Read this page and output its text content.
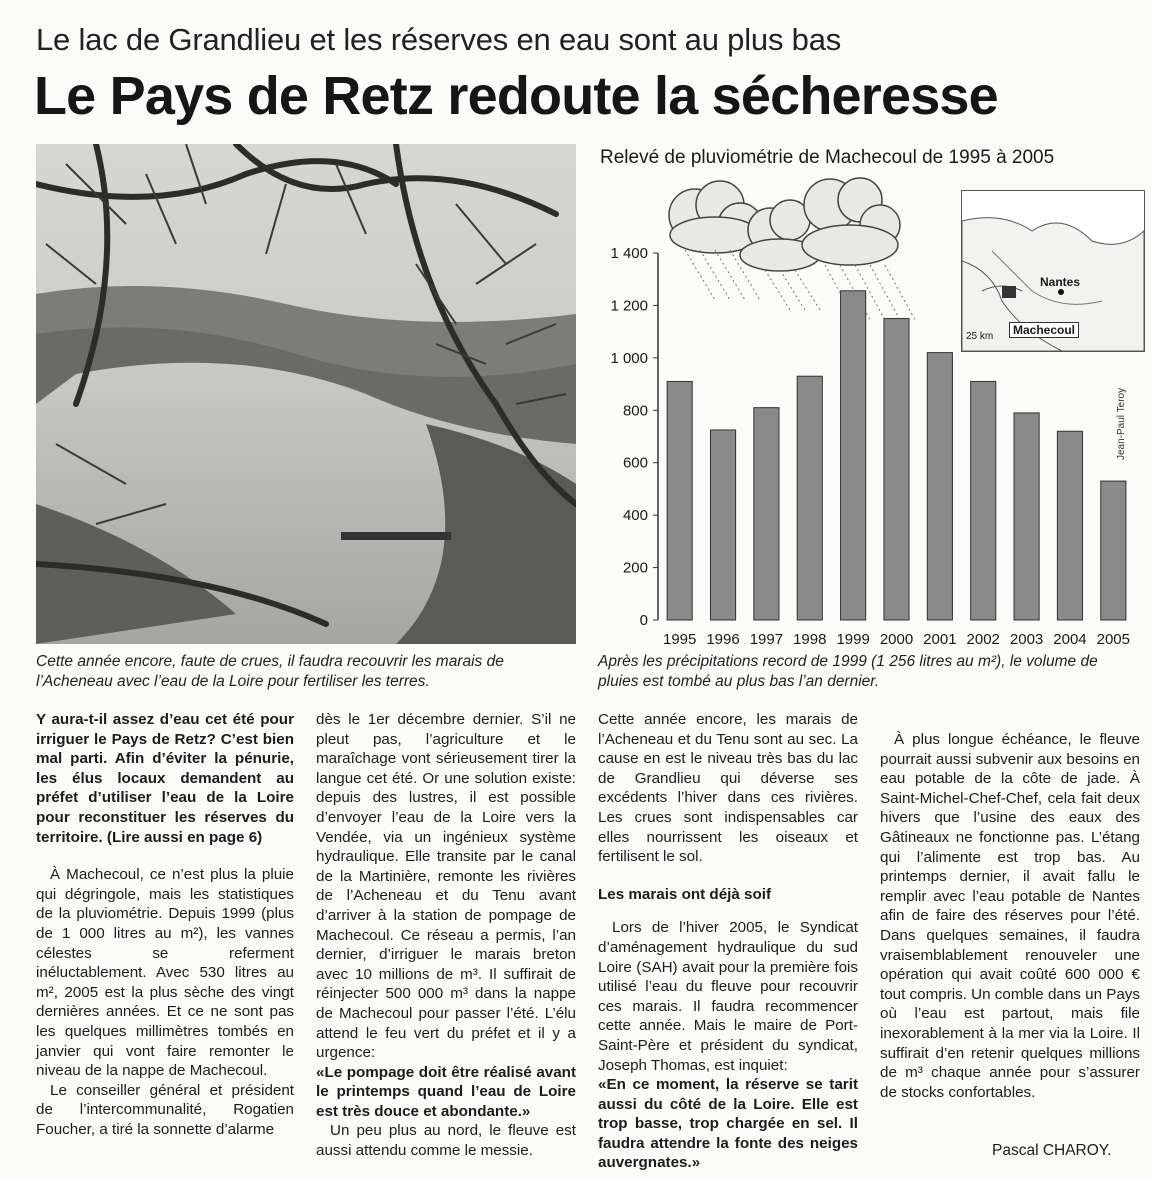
Le lac de Grandlieu et les réserves en eau sont au plus bas
Le Pays de Retz redoute la sécheresse
Cette année encore, faute de crues, il faudra recouvrir les marais de l’Acheneau avec l’eau de la Loire pour fertiliser les terres.
Relevé de pluviométrie de Machecoul de 1995 à 2005
0
200
400
600
800
1 000
1 200
1 400
1995 1996 1997 1998 1999 2000 2001 2002 2003 2004 2005
Nantes
Machecoul
25 km
Jean-Paul Teroy
Après les précipitations record de 1999 (1 256 litres au m²), le volume de pluies est tombé au plus bas l’an dernier.

Y aura-t-il assez d’eau cet été pour irriguer le Pays de Retz? C’est bien mal parti. Afin d’éviter la pénurie, les élus locaux demandent au préfet d’utiliser l’eau de la Loire pour reconstituer les réserves du territoire. (Lire aussi en page 6)

À Machecoul, ce n’est plus la pluie qui dégringole, mais les statistiques de la pluviométrie. Depuis 1999 (plus de 1 000 litres au m²), les vannes célestes se referment inéluctablement. Avec 530 litres au m², 2005 est la plus sèche des vingt dernières années. Et ce ne sont pas les quelques millimètres tombés en janvier qui vont faire remonter le niveau de la nappe de Machecoul.

Le conseiller général et président de l’intercommunalité, Rogatien Foucher, a tiré la sonnette d’alarme

dès le 1er décembre dernier. S’il ne pleut pas, l’agriculture et le maraîchage vont sérieusement tirer la langue cet été. Or une solution existe: depuis des lustres, il est possible d’envoyer l’eau de la Loire vers la Vendée, via un ingénieux système hydraulique. Elle transite par le canal de la Martinière, remonte les rivières de l’Acheneau et du Tenu avant d’arriver à la station de pompage de Machecoul. Ce réseau a permis, l’an dernier, d’irriguer le marais breton avec 10 millions de m³. Il suffirait de réinjecter 500 000 m³ dans la nappe de Machecoul pour passer l’été. L’élu attend le feu vert du préfet et il y a urgence:

«Le pompage doit être réalisé avant le printemps quand l’eau de Loire est très douce et abondante.»

Un peu plus au nord, le fleuve est aussi attendu comme le messie.

Cette année encore, les marais de l’Acheneau et du Tenu sont au sec. La cause en est le niveau très bas du lac de Grandlieu qui déverse ses excédents l’hiver dans ces rivières. Les crues sont indispensables car elles nourrissent les oiseaux et fertilisent le sol.

Les marais ont déjà soif

Lors de l’hiver 2005, le Syndicat d’aménagement hydraulique du sud Loire (SAH) avait pour la première fois utilisé l’eau du fleuve pour recouvrir ces marais. Il faudra recommencer cette année. Mais le maire de Port-Saint-Père et président du syndicat, Joseph Thomas, est inquiet:

«En ce moment, la réserve se tarit aussi du côté de la Loire. Elle est trop basse, trop chargée en sel. Il faudra attendre la fonte des neiges auvergnates.»

À plus longue échéance, le fleuve pourrait aussi subvenir aux besoins en eau potable de la côte de jade. À Saint-Michel-Chef-Chef, cela fait deux hivers que l’usine des eaux des Gâtineaux ne fonctionne pas. L’étang qui l’alimente est trop bas. Au printemps dernier, il avait fallu le remplir avec l’eau potable de Nantes afin de faire des réserves pour l’été. Dans quelques semaines, il faudra vraisemblablement renouveler une opération qui avait coûté 600 000 € tout compris. Un comble dans un Pays où l’eau est partout, mais file inexorablement à la mer via la Loire. Il suffirait d’en retenir quelques millions de m³ chaque année pour s’assurer de stocks confortables.

Pascal CHAROY.
